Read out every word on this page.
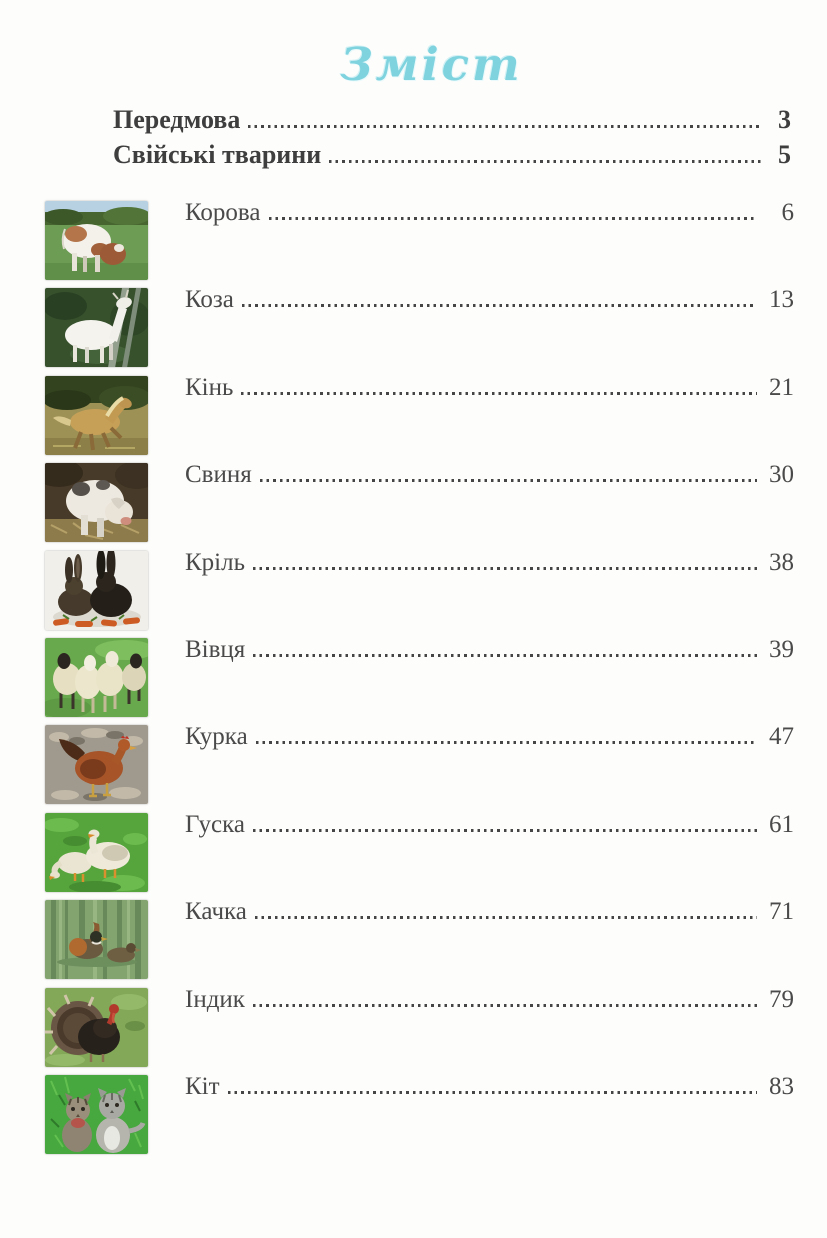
Зміст
Передмова	3
Свійські тварини	5
Корова	6
Коза	13
Кінь	21
Свиня	30
Кріль	38
Вівця	39
Курка	47
Гуска	61
Качка	71
Індик	79
Кіт	83
